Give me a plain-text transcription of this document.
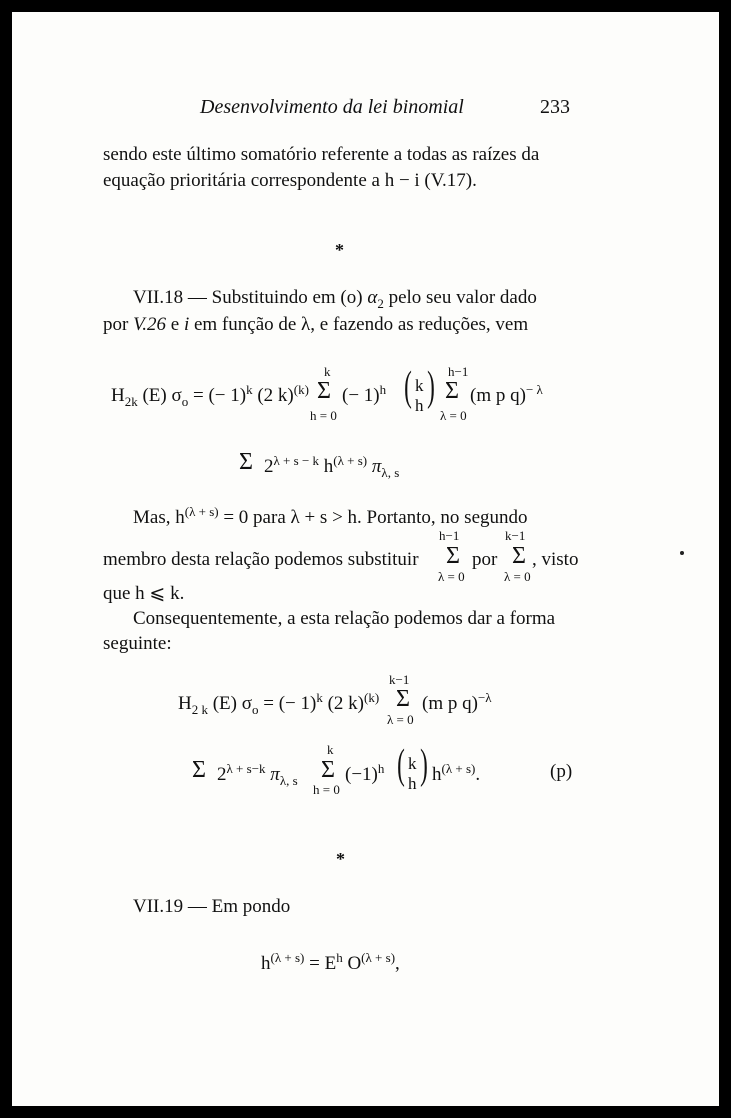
Desenvolvimento da lei binomial	233
sendo este último somatório referente a todas as raízes da
equação prioritária correspondente a h − i (V.17).
*
VII.18 — Substituindo em (o) $\alpha_2$ pelo seu valor dado
por V.26 e i em função de λ, e fazendo as reduções, vem
$H_{2k}$ (E) $\sigma_o$ = (− 1)$^k$ (2 k)$^{(k)}$
k
Σ
h = 0
(− 1)$^h$ ( k
h) h−1
Σ
λ = 0
(m p q)$^{- \lambda}$
Σ $2^{\lambda + s - k}$ $h^{(\lambda + s)}$ $\pi_{\lambda, s}$
Mas, $h^{(\lambda + s)} = 0$ para λ + s > h. Portanto, no segundo
membro desta relação podemos substituir
h−1
Σ
λ = 0
por
k−1
Σ
λ = 0
, visto
que h ⩽ k.
Consequentemente, a esta relação podemos dar a forma
seguinte:
$H_{2 k}$ (E) $\sigma_o$ = (− 1)$^k$ (2 k)$^{(k)}$
k−1
Σ
λ = 0
(m p q)$^{-\lambda}$
Σ $2^{\lambda + s-k}$ $\pi_{\lambda, s}$
k
Σ
h = 0
$(-1)^h$ ( k
h) $h^{(\lambda + s)}$.	(p)
*
VII.19 — Em pondo
$h^{(\lambda + s)} = E^h$ $O^{(\lambda + s)}$,
